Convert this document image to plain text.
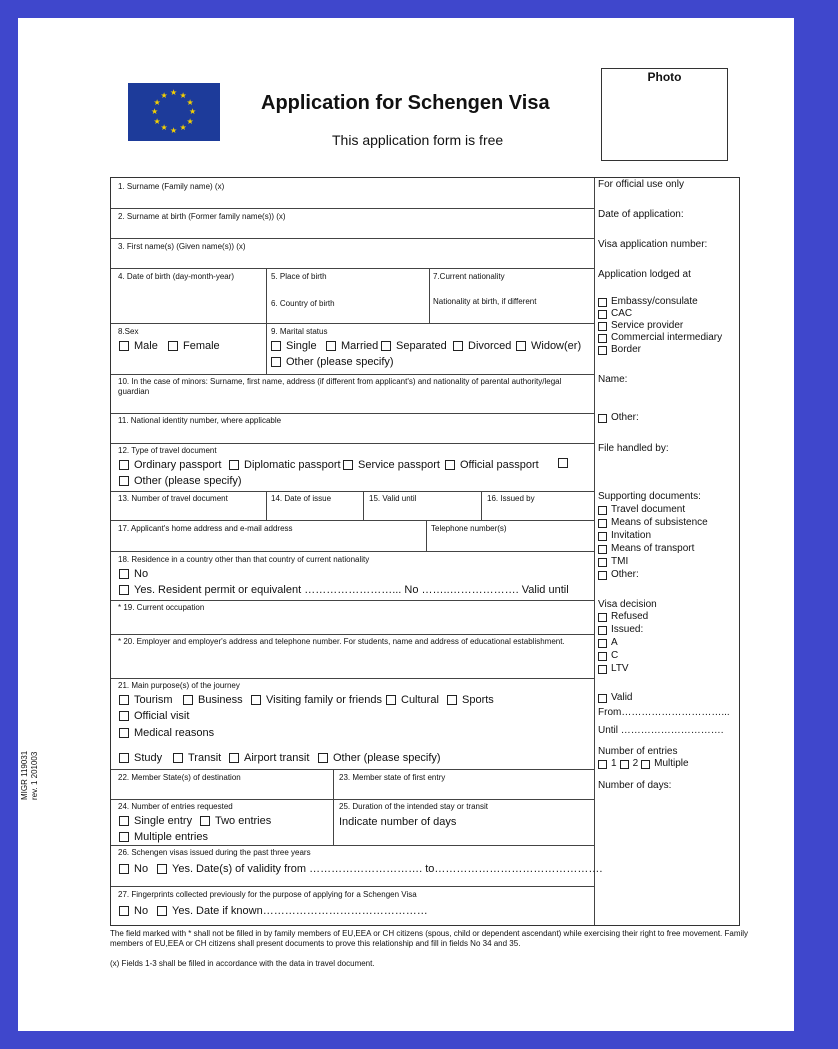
★ ★
★
★
★
★
★
★
★
★
★
★	Application for Schengen Visa
This application form is free
Photo
1. Surname (Family name) (x)
2. Surname at birth (Former family name(s)) (x)
3. First name(s) (Given name(s)) (x)
4. Date of birth (day-month-year)	5. Place of birth
6. Country of birth
7.Current nationality
Nationality at birth, if different
8.Sex
Male Female
9. Marital status
Single Married Separated Divorced Widow(er)
Other (please specify)
10. In the case of minors: Surname, first name, address (if different from applicant's) and nationality of parental authority/legal guardian
11. National identity number, where applicable
12. Type of travel document
Ordinary passport Diplomatic passport Service passport Official passport
Other (please specify)
13. Number of travel document	14. Date of issue	15. Valid until	16. Issued by
17. Applicant's home address and e-mail address	Telephone number(s)
18. Residence in a country other than that country of current nationality
No
Yes. Resident permit or equivalent ……………………... No ……..………………. Valid until
* 19. Current occupation
* 20. Employer and employer's address and telephone number. For students, name and address of educational establishment.
21. Main purpose(s) of the journey
Tourism Business Visiting family or friends Cultural Sports
Official visit
Medical reasons
Study Transit Airport transit Other (please specify)
22. Member State(s) of destination	23. Member state of first entry
24. Number of entries requested
Single entry Two entries
Multiple entries
25. Duration of the intended stay or transit
Indicate number of days
26. Schengen visas issued during the past three years
No Yes. Date(s) of validity from …………………………. to……………………………………….
27. Fingerprints collected previously for the purpose of applying for a Schengen Visa
No Yes. Date if known………………………………………
For official use only
Date of application:
Visa application number:
Application lodged at
Embassy/consulate
CAC
Service provider
Commercial intermediary
Border
Name:
Other:
File handled by:
Supporting documents:
Travel document
Means of subsistence
Invitation
Means of transport
TMI
Other:
Visa decision
Refused
Issued:
A
C
LTV
Valid
From…………………………...
Until ………………………….
Number of entries
1 2 Multiple
Number of days:
The field marked with * shall not be filled in by family members of EU,EEA or CH citizens (spous, child or dependent ascendant) while exercising their right to free movement. Family members of EU,EEA or CH citizens shall present documents to prove this relationship and fill in fields No 34 and 35.
(x) Fields 1-3 shall be filled in accordance with the data in travel document.
MIGR 119031 rev. 1 201003
